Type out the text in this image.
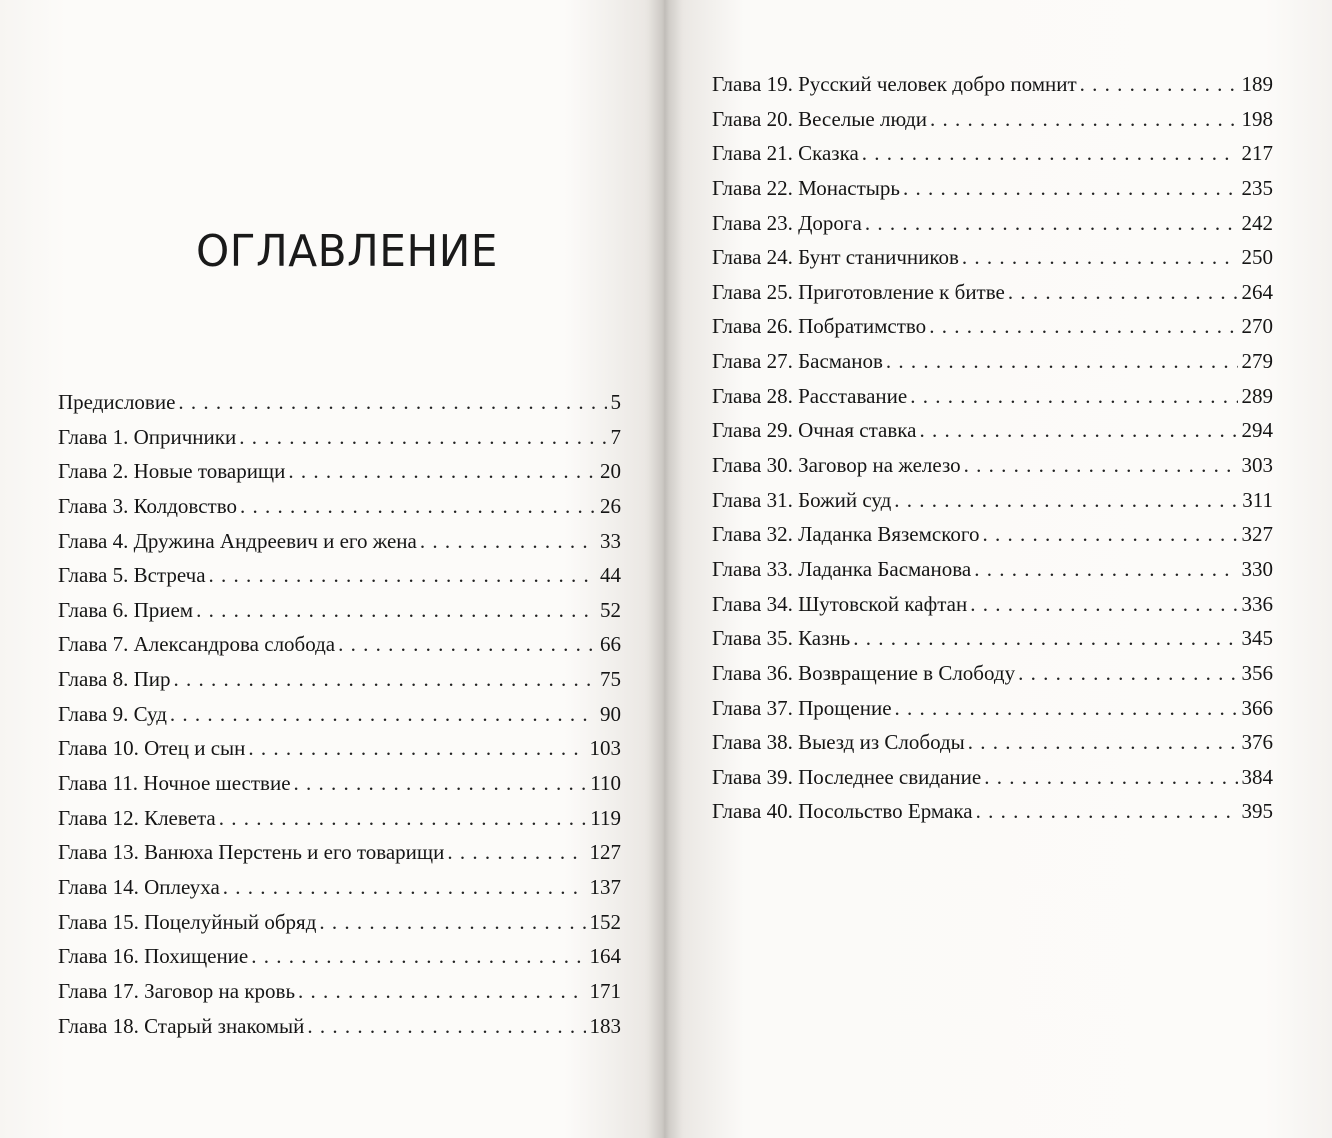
ОГЛАВЛЕНИЕ
Предисловие . . .	5
Глава 1. Опричники . . .	7
Глава 2. Новые товарищи . . .	20
Глава 3. Колдовство . . .	26
Глава 4. Дружина Андреевич и его жена . . .	33
Глава 5. Встреча . . .	44
Глава 6. Прием . . .	52
Глава 7. Александрова слобода . . .	66
Глава 8. Пир . . .	75
Глава 9. Суд . . .	90
Глава 10. Отец и сын . . .	103
Глава 11. Ночное шествие . . .	110
Глава 12. Клевета . . .	119
Глава 13. Ванюха Перстень и его товарищи . . .	127
Глава 14. Оплеуха . . .	137
Глава 15. Поцелуйный обряд . . .	152
Глава 16. Похищение . . .	164
Глава 17. Заговор на кровь . . .	171
Глава 18. Старый знакомый . . .	183
Глава 19. Русский человек добро помнит . . .	189
Глава 20. Веселые люди . . .	198
Глава 21. Сказка . . .	217
Глава 22. Монастырь . . .	235
Глава 23. Дорога . . .	242
Глава 24. Бунт станичников . . .	250
Глава 25. Приготовление к битве . . .	264
Глава 26. Побратимство . . .	270
Глава 27. Басманов . . .	279
Глава 28. Расставание . . .	289
Глава 29. Очная ставка . . .	294
Глава 30. Заговор на железо . . .	303
Глава 31. Божий суд . . .	311
Глава 32. Ладанка Вяземского . . .	327
Глава 33. Ладанка Басманова . . .	330
Глава 34. Шутовской кафтан . . .	336
Глава 35. Казнь . . .	345
Глава 36. Возвращение в Слободу . . .	356
Глава 37. Прощение . . .	366
Глава 38. Выезд из Слободы . . .	376
Глава 39. Последнее свидание . . .	384
Глава 40. Посольство Ермака . . .	395
